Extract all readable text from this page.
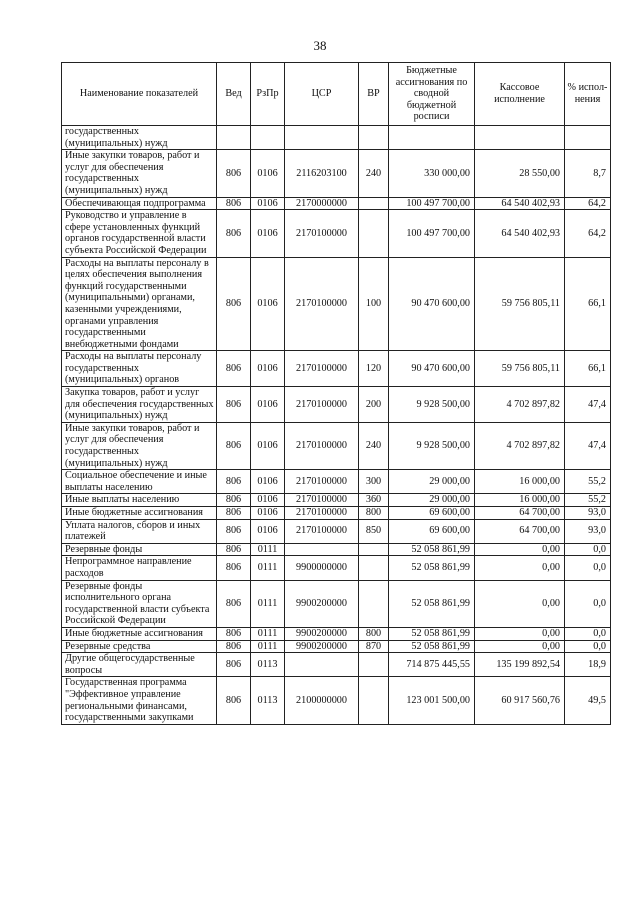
38
Наименование показателей	Вед	РзПр	ЦСР	ВР	Бюджетные ассигнования по сводной бюджетной росписи	Кассовое исполнение	% испол-нения
государственных (муниципальных) нужд							
Иные закупки товаров, работ и услуг для обеспечения государственных (муниципальных) нужд	806	0106	2116203100	240	330 000,00	28 550,00	8,7
Обеспечивающая подпрограмма	806	0106	2170000000		100 497 700,00	64 540 402,93	64,2
Руководство и управление в сфере установленных функций органов государственной власти субъекта Российской Федерации	806	0106	2170100000		100 497 700,00	64 540 402,93	64,2
Расходы на выплаты персоналу в целях обеспечения выполнения функций государственными (муниципальными) органами, казенными учреждениями, органами управления государственными внебюджетными фондами	806	0106	2170100000	100	90 470 600,00	59 756 805,11	66,1
Расходы на выплаты персоналу государственных (муниципальных) органов	806	0106	2170100000	120	90 470 600,00	59 756 805,11	66,1
Закупка товаров, работ и услуг для обеспечения государственных (муниципальных) нужд	806	0106	2170100000	200	9 928 500,00	4 702 897,82	47,4
Иные закупки товаров, работ и услуг для обеспечения государственных (муниципальных) нужд	806	0106	2170100000	240	9 928 500,00	4 702 897,82	47,4
Социальное обеспечение и иные выплаты населению	806	0106	2170100000	300	29 000,00	16 000,00	55,2
Иные выплаты населению	806	0106	2170100000	360	29 000,00	16 000,00	55,2
Иные бюджетные ассигнования	806	0106	2170100000	800	69 600,00	64 700,00	93,0
Уплата налогов, сборов и иных платежей	806	0106	2170100000	850	69 600,00	64 700,00	93,0
Резервные фонды	806	0111			52 058 861,99	0,00	0,0
Непрограммное направление расходов	806	0111	9900000000		52 058 861,99	0,00	0,0
Резервные фонды исполнительного органа государственной власти субъекта Российской Федерации	806	0111	9900200000		52 058 861,99	0,00	0,0
Иные бюджетные ассигнования	806	0111	9900200000	800	52 058 861,99	0,00	0,0
Резервные средства	806	0111	9900200000	870	52 058 861,99	0,00	0,0
Другие общегосударственные вопросы	806	0113			714 875 445,55	135 199 892,54	18,9
Государственная программа "Эффективное управление региональными финансами, государственными закупками	806	0113	2100000000		123 001 500,00	60 917 560,76	49,5
